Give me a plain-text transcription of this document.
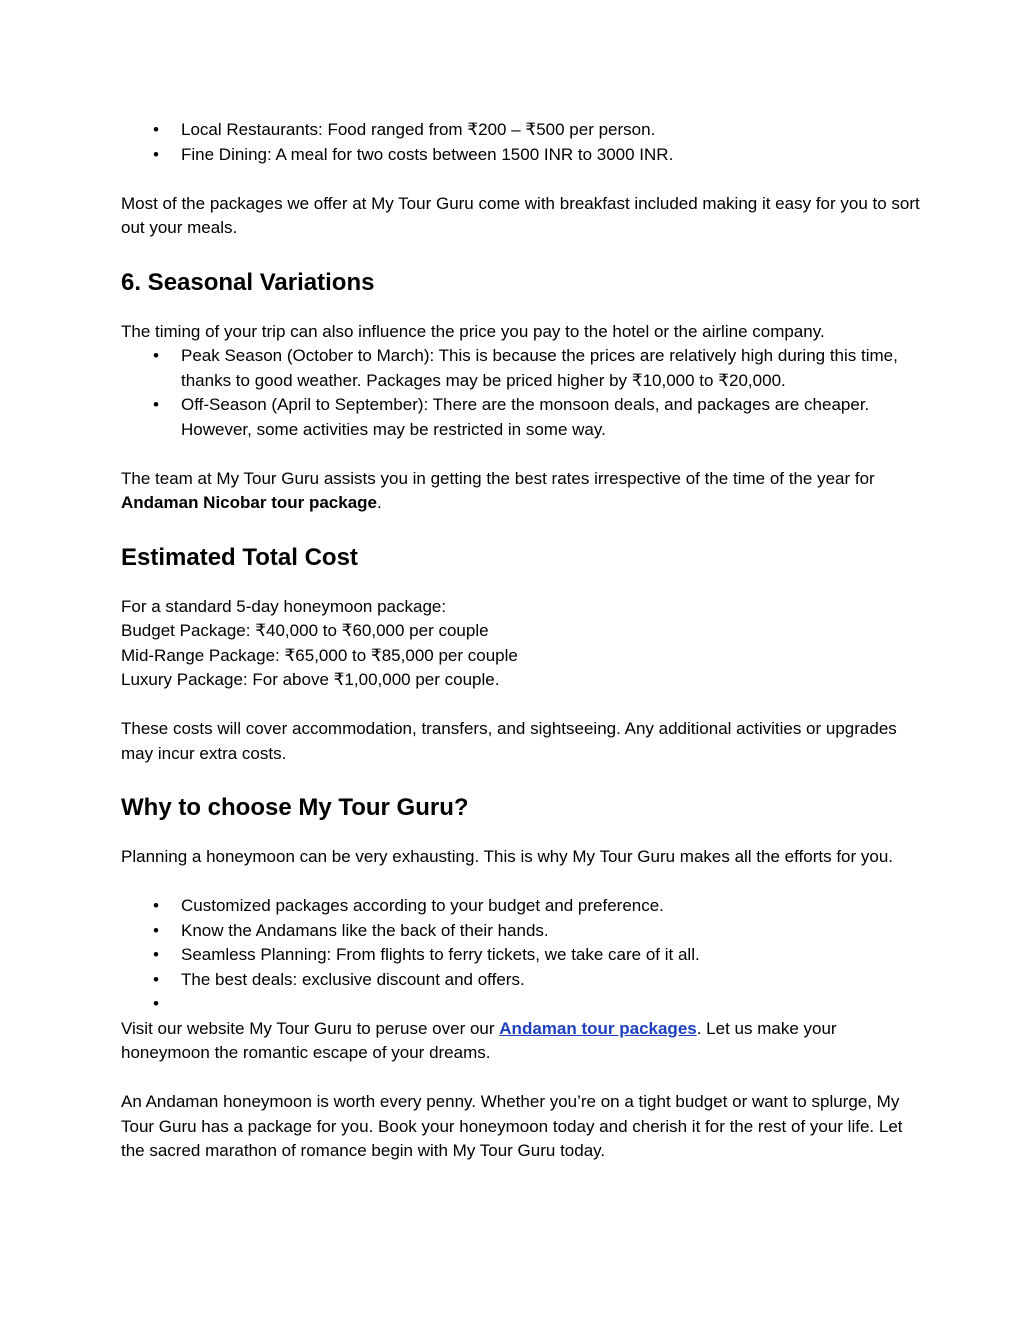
• Local Restaurants: Food ranged from ₹200 – ₹500 per person.
• Fine Dining: A meal for two costs between 1500 INR to 3000 INR.

Most of the packages we offer at My Tour Guru come with breakfast included making it easy for you to sort out your meals.

6. Seasonal Variations

The timing of your trip can also influence the price you pay to the hotel or the airline company.

• Peak Season (October to March): This is because the prices are relatively high during this time, thanks to good weather. Packages may be priced higher by ₹10,000 to ₹20,000.
• Off-Season (April to September): There are the monsoon deals, and packages are cheaper. However, some activities may be restricted in some way.

The team at My Tour Guru assists you in getting the best rates irrespective of the time of the year for Andaman Nicobar tour package.

Estimated Total Cost

For a standard 5-day honeymoon package:

Budget Package: ₹40,000 to ₹60,000 per couple

Mid-Range Package: ₹65,000 to ₹85,000 per couple

Luxury Package: For above ₹1,00,000 per couple.

These costs will cover accommodation, transfers, and sightseeing. Any additional activities or upgrades may incur extra costs.

Why to choose My Tour Guru?

Planning a honeymoon can be very exhausting. This is why My Tour Guru makes all the efforts for you.

• Customized packages according to your budget and preference.
• Know the Andamans like the back of their hands.
• Seamless Planning: From flights to ferry tickets, we take care of it all.
• The best deals: exclusive discount and offers.
•

Visit our website My Tour Guru to peruse over our Andaman tour packages. Let us make your honeymoon the romantic escape of your dreams.

An Andaman honeymoon is worth every penny. Whether you’re on a tight budget or want to splurge, My Tour Guru has a package for you. Book your honeymoon today and cherish it for the rest of your life. Let the sacred marathon of romance begin with My Tour Guru today.
